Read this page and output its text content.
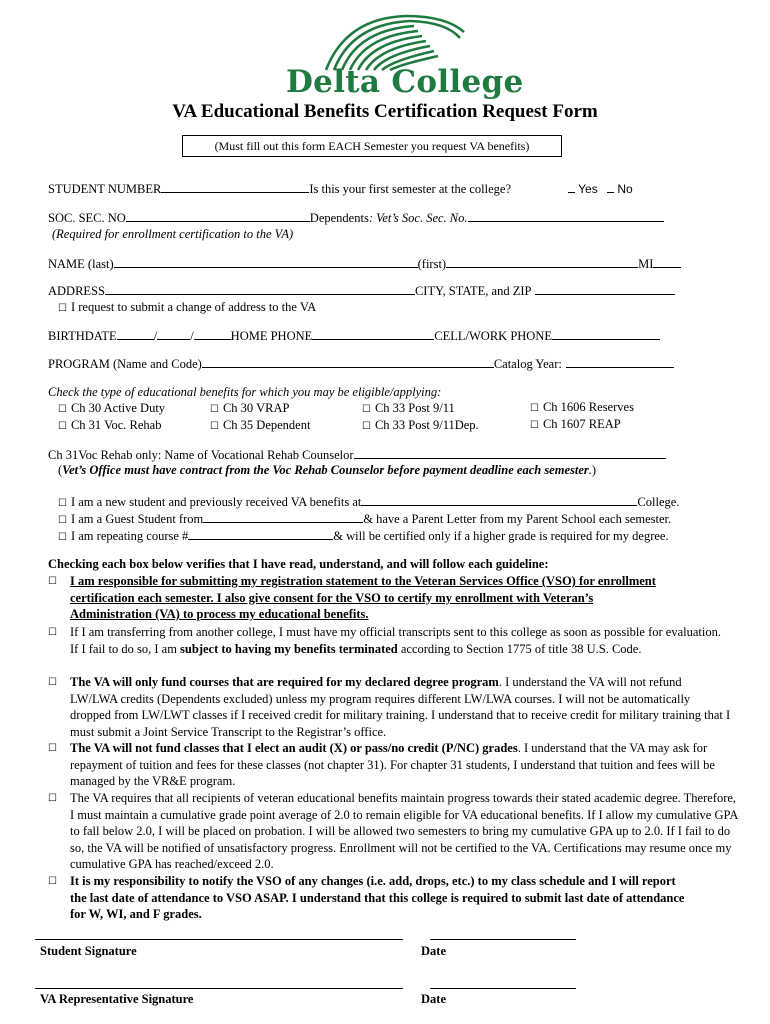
Delta College
VA Educational Benefits Certification Request Form
(Must fill out this form EACH Semester you request VA benefits)
STUDENT NUMBER	Is this your first semester at the college?	Yes No
SOC. SEC. NO	Dependents: Vet’s Soc. Sec. No.
(Required for enrollment certification to the VA)
NAME (last)	(first)	MI
ADDRESS	CITY, STATE, and ZIP
☐ I request to submit a change of address to the VA
BIRTHDATE	/	/	HOME PHONE	CELL/WORK PHONE
PROGRAM (Name and Code)	Catalog Year:
Check the type of educational benefits for which you may be eligible/applying:
☐ Ch 30 Active Duty
☐ Ch 31 Voc. Rehab
☐ Ch 30 VRAP
☐ Ch 35 Dependent
☐ Ch 33 Post 9/11
☐ Ch 33 Post 9/11Dep.
☐ Ch 1606 Reserves
☐ Ch 1607 REAP
Ch 31Voc Rehab only: Name of Vocational Rehab Counselor
(Vet’s Office must have contract from the Voc Rehab Counselor before payment deadline each semester.)
☐ I am a new student and previously received VA benefits at	College.
☐ I am a Guest Student from	& have a Parent Letter from my Parent School each semester.
☐ I am repeating course #	& will be certified only if a higher grade is required for my degree.
Checking each box below verifies that I have read, understand, and will follow each guideline:
☐ I am responsible for submitting my registration statement to the Veteran Services Office (VSO) for enrollment certification each semester. I also give consent for the VSO to certify my enrollment with Veteran’s Administration (VA) to process my educational benefits.
☐ If I am transferring from another college, I must have my official transcripts sent to this college as soon as possible for evaluation. If I fail to do so, I am subject to having my benefits terminated according to Section 1775 of title 38 U.S. Code.
☐ The VA will only fund courses that are required for my declared degree program. I understand the VA will not refund LW/LWA credits (Dependents excluded) unless my program requires different LW/LWA courses. I will not be automatically dropped from LW/LWT classes if I received credit for military training. I understand that to receive credit for military training that I must submit a Joint Service Transcript to the Registrar’s office.
☐ The VA will not fund classes that I elect an audit (X) or pass/no credit (P/NC) grades. I understand that the VA may ask for repayment of tuition and fees for these classes (not chapter 31). For chapter 31 students, I understand that tuition and fees will be managed by the VR&E program.
☐ The VA requires that all recipients of veteran educational benefits maintain progress towards their stated academic degree. Therefore, I must maintain a cumulative grade point average of 2.0 to remain eligible for VA educational benefits. If I allow my cumulative GPA to fall below 2.0, I will be placed on probation. I will be allowed two semesters to bring my cumulative GPA up to 2.0. If I fail to do so, the VA will be notified of unsatisfactory progress. Enrollment will not be certified to the VA. Certifications may resume once my cumulative GPA has reached/exceed 2.0.
☐ It is my responsibility to notify the VSO of any changes (i.e. add, drops, etc.) to my class schedule and I will report the last date of attendance to VSO ASAP. I understand that this college is required to submit last date of attendance for W, WI, and F grades.
Student Signature	Date
VA Representative Signature	Date
